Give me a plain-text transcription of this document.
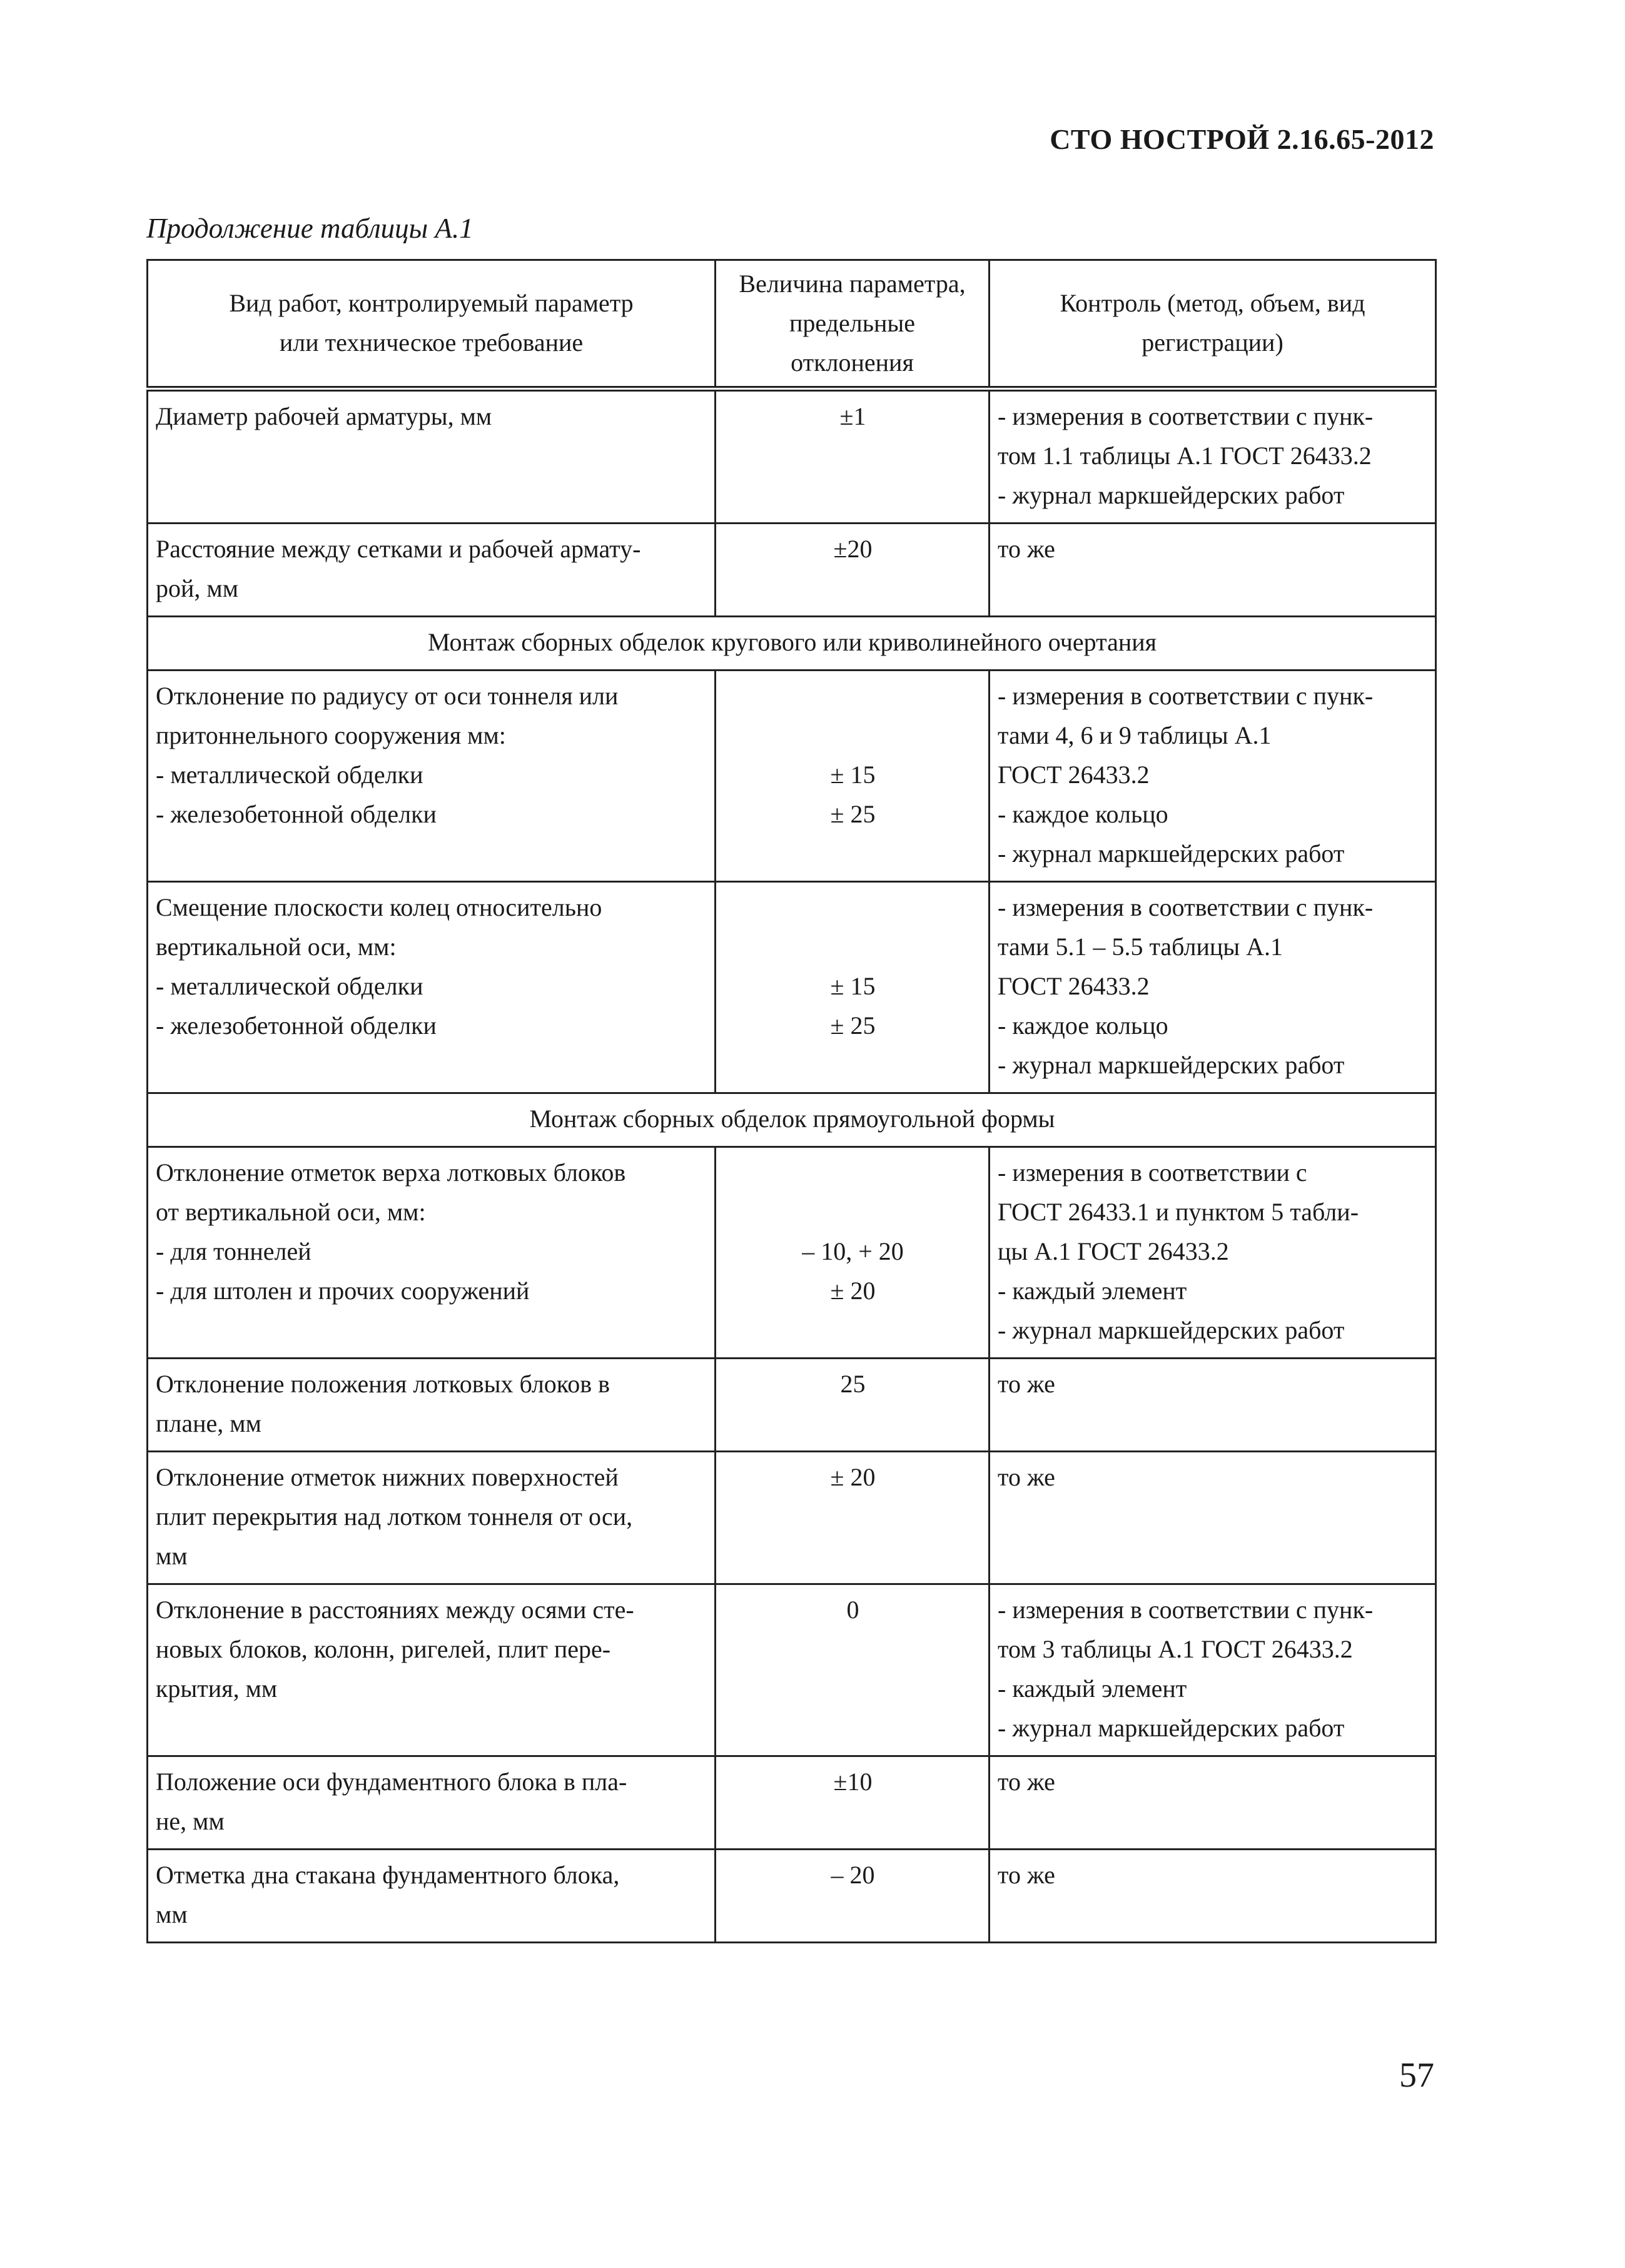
СТО НОСТРОЙ 2.16.65-2012
Продолжение таблицы А.1
Вид работ, контролируемый параметр
или техническое требование	Величина параметра,
предельные
отклонения	Контроль (метод, объем, вид
регистрации)

Диаметр рабочей арматуры, мм	±1	- измерения в соответствии с пунк-
том 1.1 таблицы А.1 ГОСТ 26433.2
- журнал маркшейдерских работ

Расстояние между сетками и рабочей армату-
рой, мм	±20	то же

Монтаж сборных обделок кругового или криволинейного очертания		

Отклонение по радиусу от оси тоннеля или
притоннельного сооружения мм:
- металлической обделки
- железобетонной обделки	± 15
± 25	- измерения в соответствии с пунк-
тами 4, 6 и 9 таблицы А.1
ГОСТ 26433.2
- каждое кольцо
- журнал маркшейдерских работ

Смещение плоскости колец относительно
вертикальной оси, мм:
- металлической обделки
- железобетонной обделки	± 15
± 25	- измерения в соответствии с пунк-
тами 5.1 – 5.5 таблицы А.1
ГОСТ 26433.2
- каждое кольцо
- журнал маркшейдерских работ

Монтаж сборных обделок прямоугольной формы		

Отклонение отметок верха лотковых блоков
от вертикальной оси, мм:
- для тоннелей
- для штолен и прочих сооружений	– 10, + 20
± 20	- измерения в соответствии с
ГОСТ 26433.1 и пунктом 5 табли-
цы А.1 ГОСТ 26433.2
- каждый элемент
- журнал маркшейдерских работ

Отклонение положения лотковых блоков в
плане, мм	25	то же

Отклонение отметок нижних поверхностей
плит перекрытия над лотком тоннеля от оси,
мм	± 20	то же

Отклонение в расстояниях между осями сте-
новых блоков, колонн, ригелей, плит пере-
крытия, мм	0	- измерения в соответствии с пунк-
том 3 таблицы А.1 ГОСТ 26433.2
- каждый элемент
- журнал маркшейдерских работ

Положение оси фундаментного блока в пла-
не, мм	±10	то же

Отметка дна стакана фундаментного блока,
мм	– 20	то же
57
